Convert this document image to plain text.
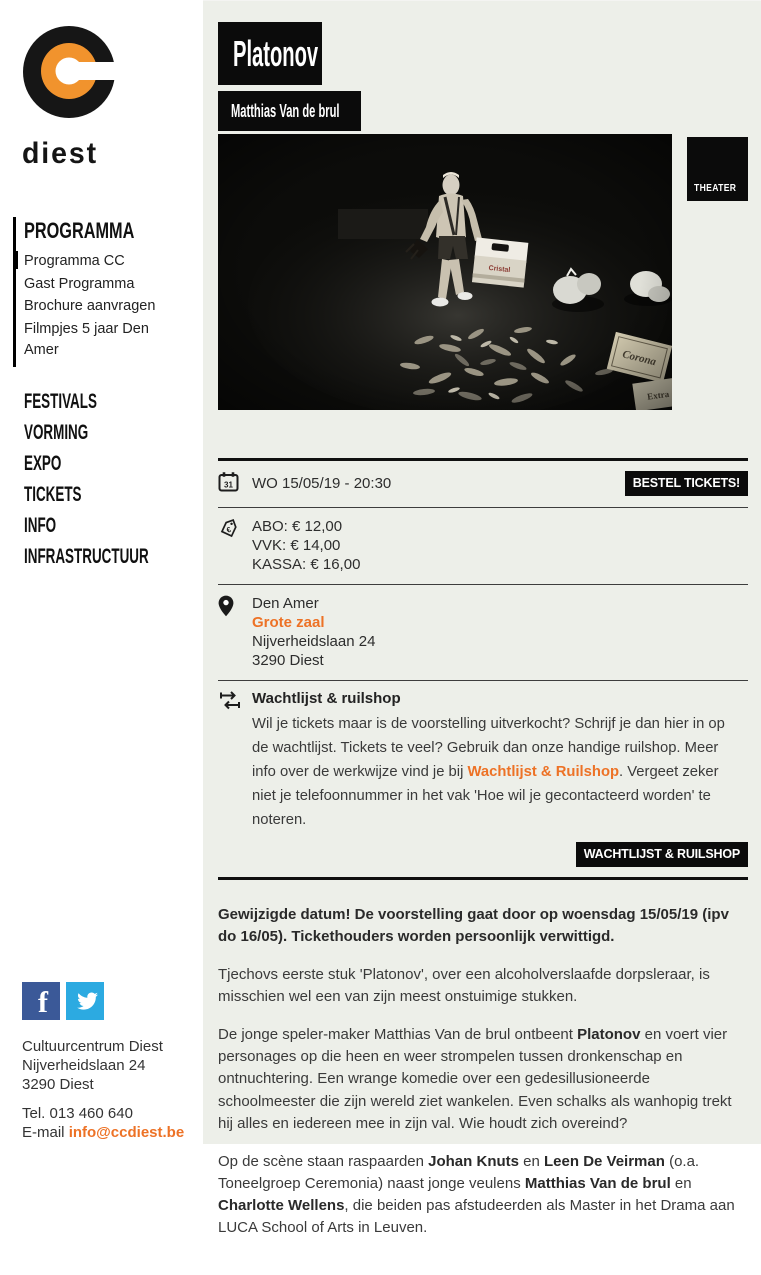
diest
PROGRAMMA
Programma CC
Gast Programma
Brochure aanvragen
Filmpjes 5 jaar Den Amer
FESTIVALS
VORMING
EXPO
TICKETS
INFO
INFRASTRUCTUUR
f
Cultuurcentrum Diest
Nijverheidslaan 24
3290 Diest
Tel. 013 460 640
E-mail info@ccdiest.be
Platonov
Matthias Van de brul
THEATER
31 WO 15/05/19 - 20:30	BESTEL TICKETS!
€ ABO: € 12,00
VVK: € 14,00
KASSA: € 16,00
Den Amer
Grote zaal
Nijverheidslaan 24
3290 Diest
Wachtlijst & ruilshop
Wil je tickets maar is de voorstelling uitverkocht? Schrijf je dan hier in op de wachtlijst. Tickets te veel? Gebruik dan onze handige ruilshop. Meer info over de werkwijze vind je bij Wachtlijst & Ruilshop. Vergeet zeker niet je telefoonnummer in het vak 'Hoe wil je gecontacteerd worden' te noteren.
WACHTLIJST & RUILSHOP

Gewijzigde datum! De voorstelling gaat door op woensdag 15/05/19 (ipv do 16/05). Tickethouders worden persoonlijk verwittigd.

Tjechovs eerste stuk 'Platonov', over een alcoholverslaafde dorpsleraar, is misschien wel een van zijn meest onstuimige stukken.

De jonge speler-maker Matthias Van de brul ontbeent Platonov en voert vier personages op die heen en weer strompelen tussen dronkenschap en ontnuchtering. Een wrange komedie over een gedesillusioneerde schoolmeester die zijn wereld ziet wankelen. Even schalks als wanhopig trekt hij alles en iedereen mee in zijn val. Wie houdt zich overeind?

Op de scène staan raspaarden Johan Knuts en Leen De Veirman (o.a. Toneelgroep Ceremonia) naast jonge veulens Matthias Van de brul en Charlotte Wellens, die beiden pas afstudeerden als Master in het Drama aan LUCA School of Arts in Leuven.
